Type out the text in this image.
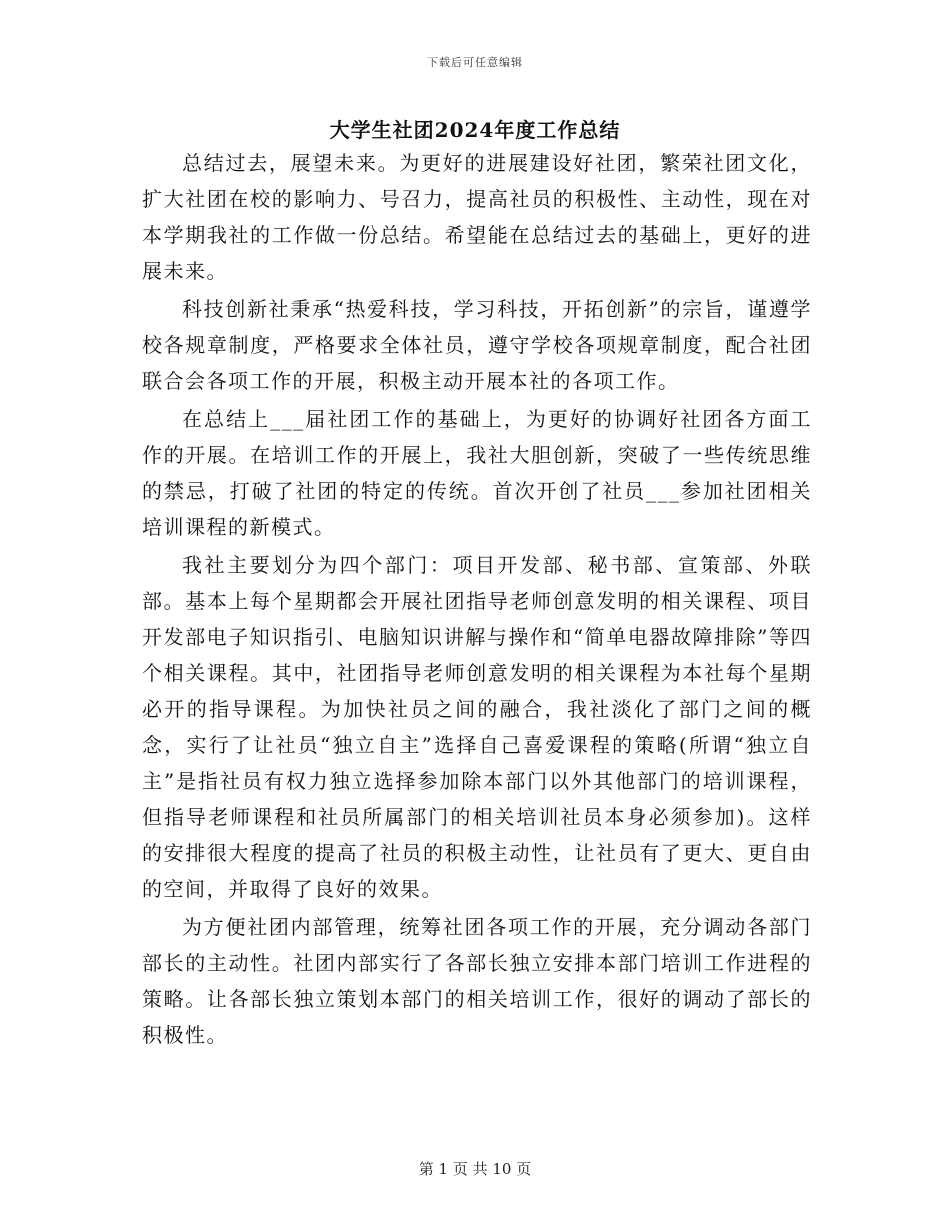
下载后可任意编辑
大学生社团2024年度工作总结

总结过去，展望未来。为更好的进展建设好社团，繁荣社团文化，扩大社团在校的影响力、号召力，提高社员的积极性、主动性，现在对本学期我社的工作做一份总结。希望能在总结过去的基础上，更好的进展未来。

科技创新社秉承“热爱科技，学习科技，开拓创新”的宗旨，谨遵学校各规章制度，严格要求全体社员，遵守学校各项规章制度，配合社团联合会各项工作的开展，积极主动开展本社的各项工作。

在总结上___届社团工作的基础上，为更好的协调好社团各方面工作的开展。在培训工作的开展上，我社大胆创新，突破了一些传统思维的禁忌，打破了社团的特定的传统。首次开创了社员___参加社团相关培训课程的新模式。

我社主要划分为四个部门：项目开发部、秘书部、宣策部、外联部。基本上每个星期都会开展社团指导老师创意发明的相关课程、项目开发部电子知识指引、电脑知识讲解与操作和“简单电器故障排除”等四个相关课程。其中，社团指导老师创意发明的相关课程为本社每个星期必开的指导课程。为加快社员之间的融合，我社淡化了部门之间的概念，实行了让社员“独立自主”选择自己喜爱课程的策略(所谓“独立自主”是指社员有权力独立选择参加除本部门以外其他部门的培训课程，但指导老师课程和社员所属部门的相关培训社员本身必须参加)。这样的安排很大程度的提高了社员的积极主动性，让社员有了更大、更自由的空间，并取得了良好的效果。

为方便社团内部管理，统筹社团各项工作的开展，充分调动各部门部长的主动性。社团内部实行了各部长独立安排本部门培训工作进程的策略。让各部长独立策划本部门的相关培训工作，很好的调动了部长的积极性。

第 1 页 共 10 页
